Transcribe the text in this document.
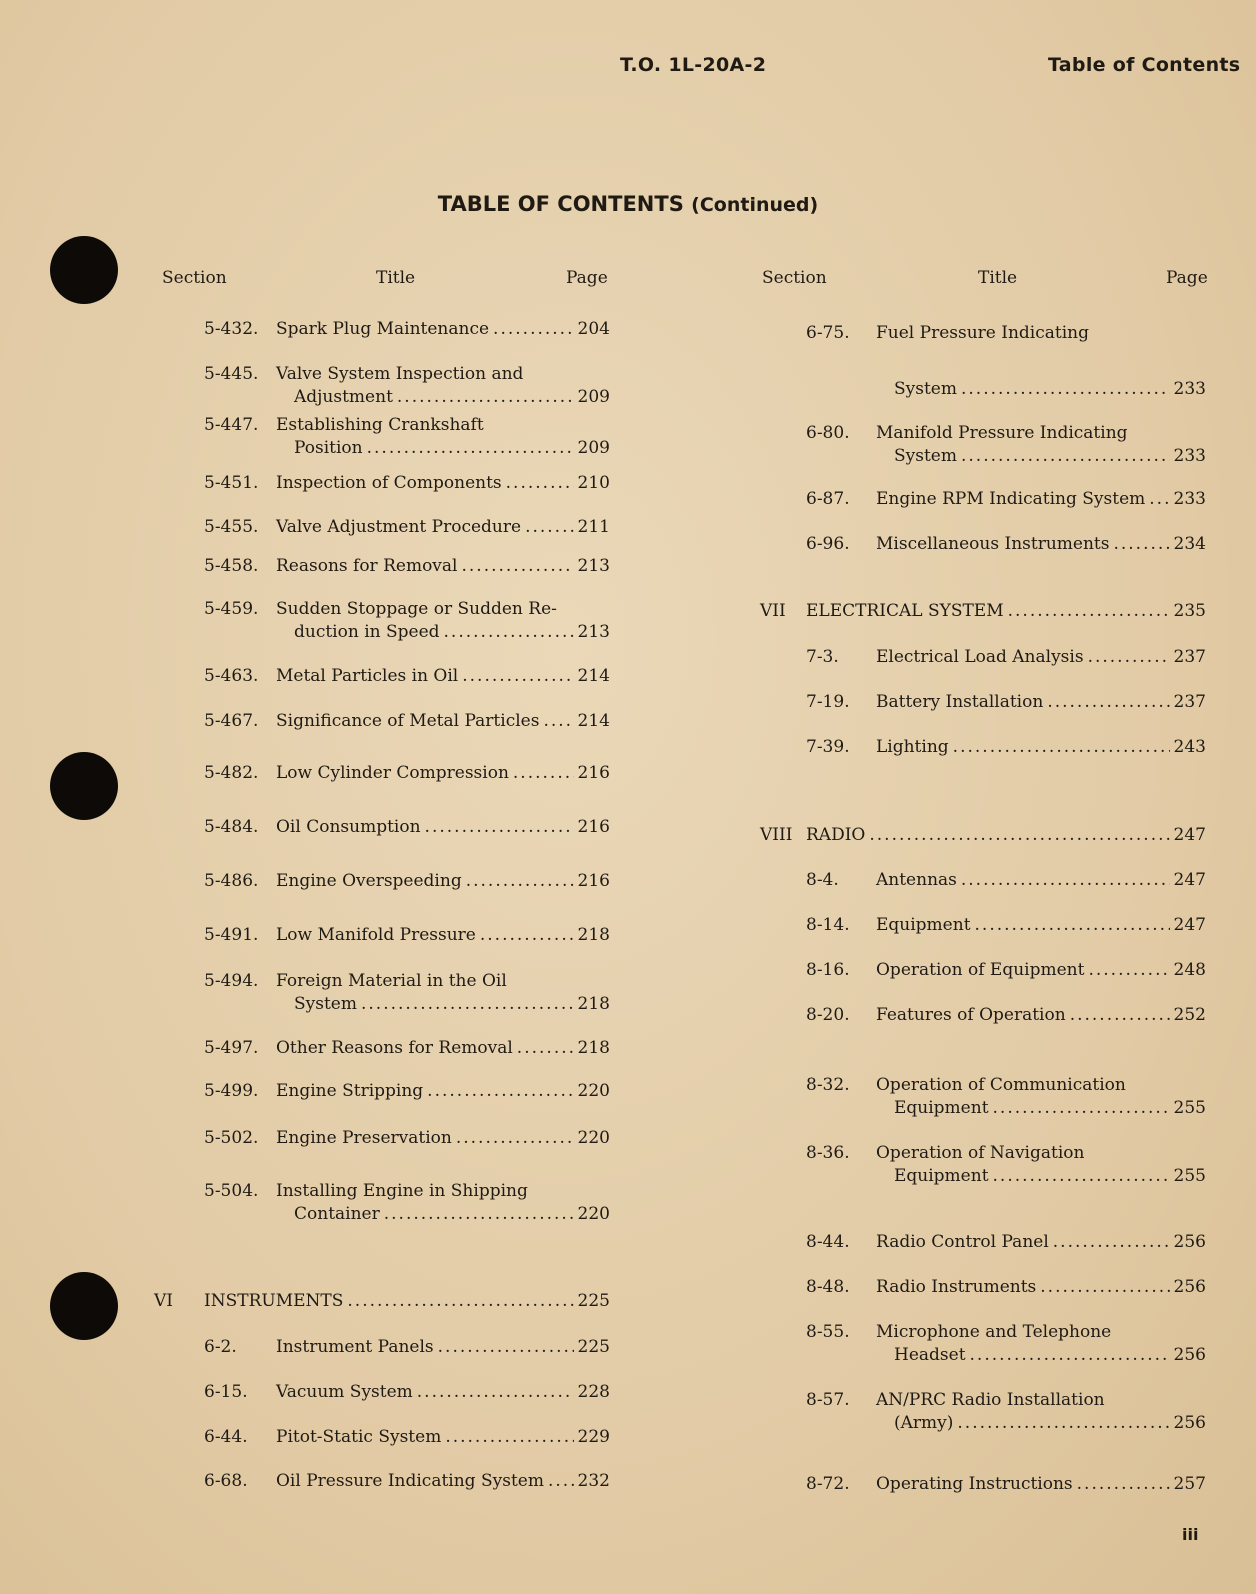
T.O. 1L-20A-2	Table of Contents
TABLE OF CONTENTS (Continued)
Section	Title	Page	Section	Title	Page
5-432. Spark Plug Maintenance .....	204
5-445. Valve System Inspection and
Adjustment .....	209
5-447. Establishing Crankshaft
Position .....	209
5-451. Inspection of Components .....	210
5-455. Valve Adjustment Procedure .....	211
5-458. Reasons for Removal .....	213
5-459. Sudden Stoppage or Sudden Re-
duction in Speed .....	213
5-463. Metal Particles in Oil .....	214
5-467. Significance of Metal Particles ..... 214
5-482. Low Cylinder Compression .....	216
5-484. Oil Consumption .....	216
5-486. Engine Overspeeding .....	216
5-491. Low Manifold Pressure .....	218
5-494. Foreign Material in the Oil
System .....	218
5-497. Other Reasons for Removal .....	218
5-499. Engine Stripping .....	220
5-502. Engine Preservation .....	220
5-504. Installing Engine in Shipping
Container .....	220
VI INSTRUMENTS .....	225
6-2. Instrument Panels .....	225
6-15. Vacuum System .....	228
6-44. Pitot-Static System .....	229
6-68. Oil Pressure Indicating System ..... 232
6-75. Fuel Pressure Indicating
System .....	233
6-80. Manifold Pressure Indicating
System .....	233
6-87. Engine RPM Indicating System ..... 233
6-96. Miscellaneous Instruments .....	234
VII ELECTRICAL SYSTEM .....	235
7-3. Electrical Load Analysis .....	237
7-19. Battery Installation .....	237
7-39. Lighting .....	243
VIII RADIO .....	247
8-4. Antennas .....	247
8-14. Equipment .....	247
8-16. Operation of Equipment .....	248
8-20. Features of Operation .....	252
8-32. Operation of Communication
Equipment .....	255
8-36. Operation of Navigation
Equipment .....	255
8-44. Radio Control Panel .....	256
8-48. Radio Instruments .....	256
8-55. Microphone and Telephone
Headset .....	256
8-57. AN/PRC Radio Installation
(Army) .....	256
8-72. Operating Instructions .....	257
iii
